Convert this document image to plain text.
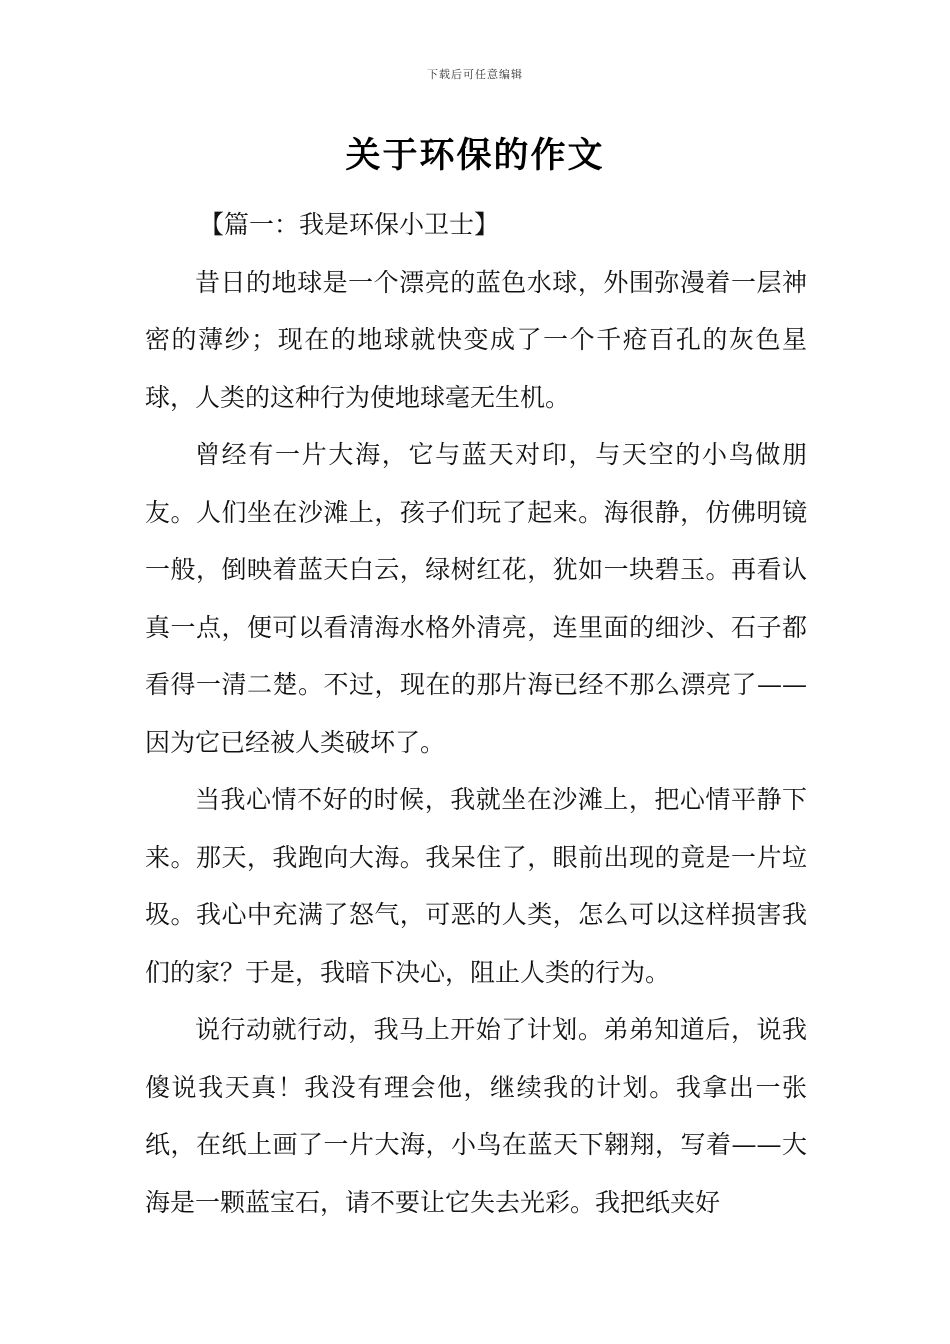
下载后可任意编辑
关于环保的作文

【篇一：我是环保小卫士】

昔日的地球是一个漂亮的蓝色水球，外围弥漫着一层神密的薄纱；现在的地球就快变成了一个千疮百孔的灰色星球，人类的这种行为使地球毫无生机。

曾经有一片大海，它与蓝天对印，与天空的小鸟做朋友。人们坐在沙滩上，孩子们玩了起来。海很静，仿佛明镜一般，倒映着蓝天白云，绿树红花，犹如一块碧玉。再看认真一点，便可以看清海水格外清亮，连里面的细沙、石子都看得一清二楚。不过，现在的那片海已经不那么漂亮了——因为它已经被人类破坏了。

当我心情不好的时候，我就坐在沙滩上，把心情平静下来。那天，我跑向大海。我呆住了，眼前出现的竟是一片垃圾。我心中充满了怒气，可恶的人类，怎么可以这样损害我们的家？于是，我暗下决心，阻止人类的行为。

说行动就行动，我马上开始了计划。弟弟知道后，说我傻说我天真！我没有理会他，继续我的计划。我拿出一张纸，在纸上画了一片大海，小鸟在蓝天下翱翔，写着——大海是一颗蓝宝石，请不要让它失去光彩。我把纸夹好
